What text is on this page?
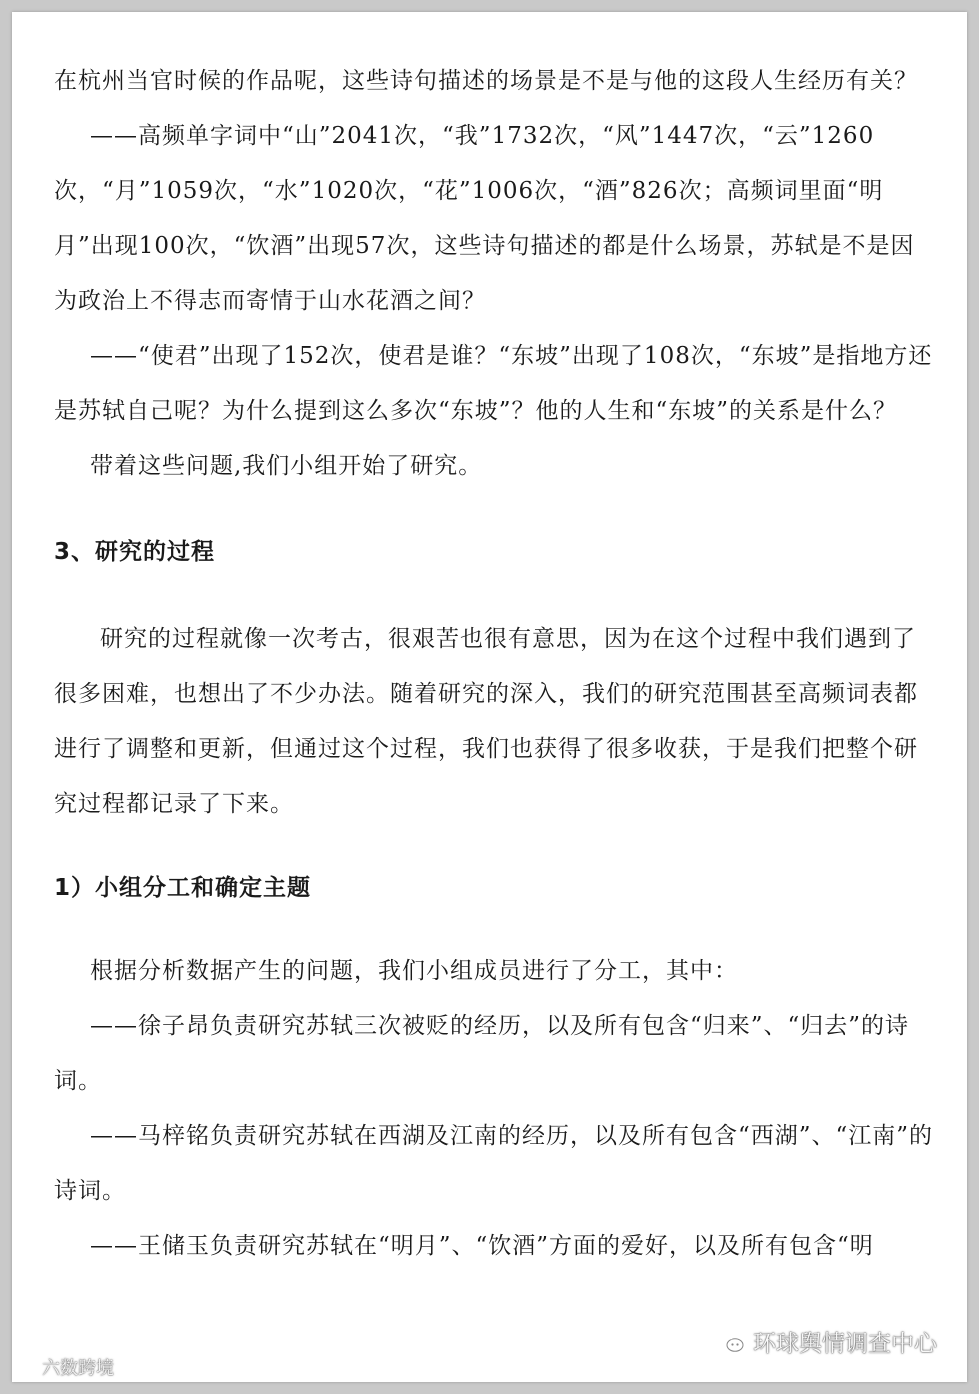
在杭州当官时候的作品呢，这些诗句描述的场景是不是与他的这段人生经历有关？

——高频单字词中“山”2041次，“我”1732次，“风”1447次，“云”1260次，“月”1059次，“水”1020次，“花”1006次，“酒”826次；高频词里面“明月”出现100次，“饮酒”出现57次，这些诗句描述的都是什么场景，苏轼是不是因为政治上不得志而寄情于山水花酒之间？

——“使君”出现了152次，使君是谁？“东坡”出现了108次，“东坡”是指地方还是苏轼自己呢？为什么提到这么多次“东坡”？他的人生和“东坡”的关系是什么？

带着这些问题,我们小组开始了研究。

3、研究的过程

研究的过程就像一次考古，很艰苦也很有意思，因为在这个过程中我们遇到了很多困难，也想出了不少办法。随着研究的深入，我们的研究范围甚至高频词表都进行了调整和更新，但通过这个过程，我们也获得了很多收获，于是我们把整个研究过程都记录了下来。

1）小组分工和确定主题

根据分析数据产生的问题，我们小组成员进行了分工，其中：

——徐子昂负责研究苏轼三次被贬的经历，以及所有包含“归来”、“归去”的诗词。

——马梓铭负责研究苏轼在西湖及江南的经历，以及所有包含“西湖”、“江南”的诗词。

——王储玉负责研究苏轼在“明月”、“饮酒”方面的爱好，以及所有包含“明

六数跨境
环球舆情调查中心
